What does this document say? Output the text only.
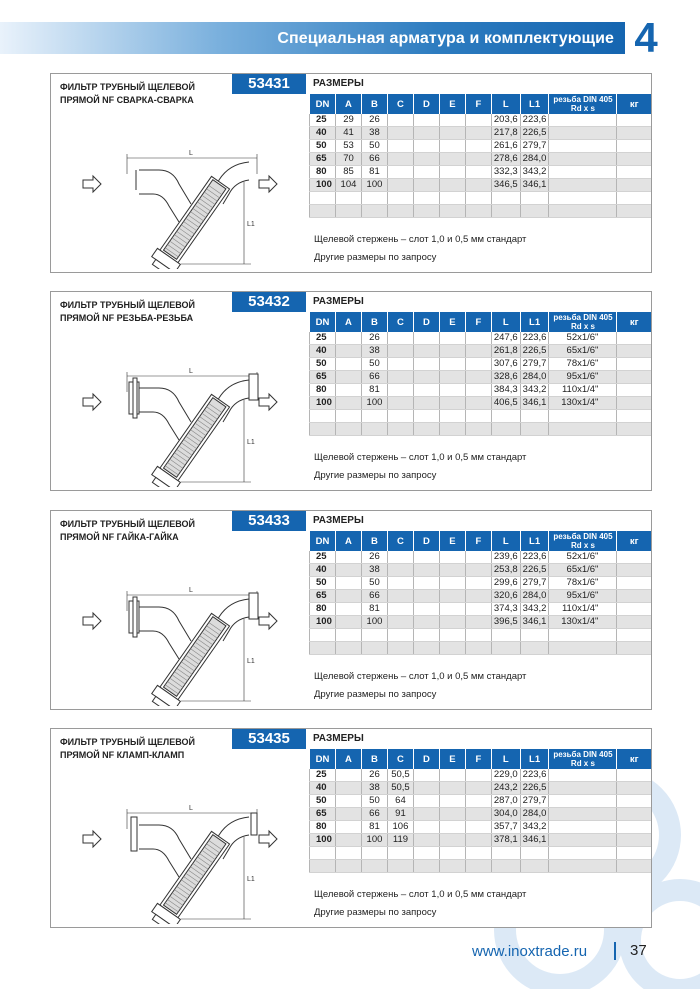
Специальная арматура и комплектующие 4
ФИЛЬТР ТРУБНЫЙ ЩЕЛЕВОЙ
ПРЯМОЙ NF СВАРКА-СВАРКА
53431
L
L1
РАЗМЕРЫ
DN	A	B	C	D	E	F	L	L1	резьба DIN 405
Rd x s	кг
25	29	26					203,6	223,6		
40	41	38					217,8	226,5		
50	53	50					261,6	279,7		
65	70	66					278,6	284,0		
80	85	81					332,3	343,2		
100	104	100					346,5	346,1		

Щелевой стержень – слот 1,0 и 0,5 мм стандарт
Другие размеры по запросу
ФИЛЬТР ТРУБНЫЙ ЩЕЛЕВОЙ
ПРЯМОЙ NF РЕЗЬБА-РЕЗЬБА
53432
L
L1
РАЗМЕРЫ
DN	A	B	C	D	E	F	L	L1	резьба DIN 405
Rd x s	кг
25		26					247,6	223,6	52x1/6"	
40		38					261,8	226,5	65x1/6"	
50		50					307,6	279,7	78x1/6"	
65		66					328,6	284,0	95x1/6"	
80		81					384,3	343,2	110x1/4"	
100		100					406,5	346,1	130x1/4"	

Щелевой стержень – слот 1,0 и 0,5 мм стандарт
Другие размеры по запросу
ФИЛЬТР ТРУБНЫЙ ЩЕЛЕВОЙ
ПРЯМОЙ NF ГАЙКА-ГАЙКА
53433
L
L1
РАЗМЕРЫ
DN	A	B	C	D	E	F	L	L1	резьба DIN 405
Rd x s	кг
25		26					239,6	223,6	52x1/6"	
40		38					253,8	226,5	65x1/6"	
50		50					299,6	279,7	78x1/6"	
65		66					320,6	284,0	95x1/6"	
80		81					374,3	343,2	110x1/4"	
100		100					396,5	346,1	130x1/4"	

Щелевой стержень – слот 1,0 и 0,5 мм стандарт
Другие размеры по запросу
ФИЛЬТР ТРУБНЫЙ ЩЕЛЕВОЙ
ПРЯМОЙ NF КЛАМП-КЛАМП
53435
L
L1
РАЗМЕРЫ
DN	A	B	C	D	E	F	L	L1	резьба DIN 405
Rd x s	кг
25		26	50,5				229,0	223,6		
40		38	50,5				243,2	226,5		
50		50	64				287,0	279,7		
65		66	91				304,0	284,0		
80		81	106				357,7	343,2		
100		100	119				378,1	346,1		

Щелевой стержень – слот 1,0 и 0,5 мм стандарт
Другие размеры по запросу
www.inoxtrade.ru	37
